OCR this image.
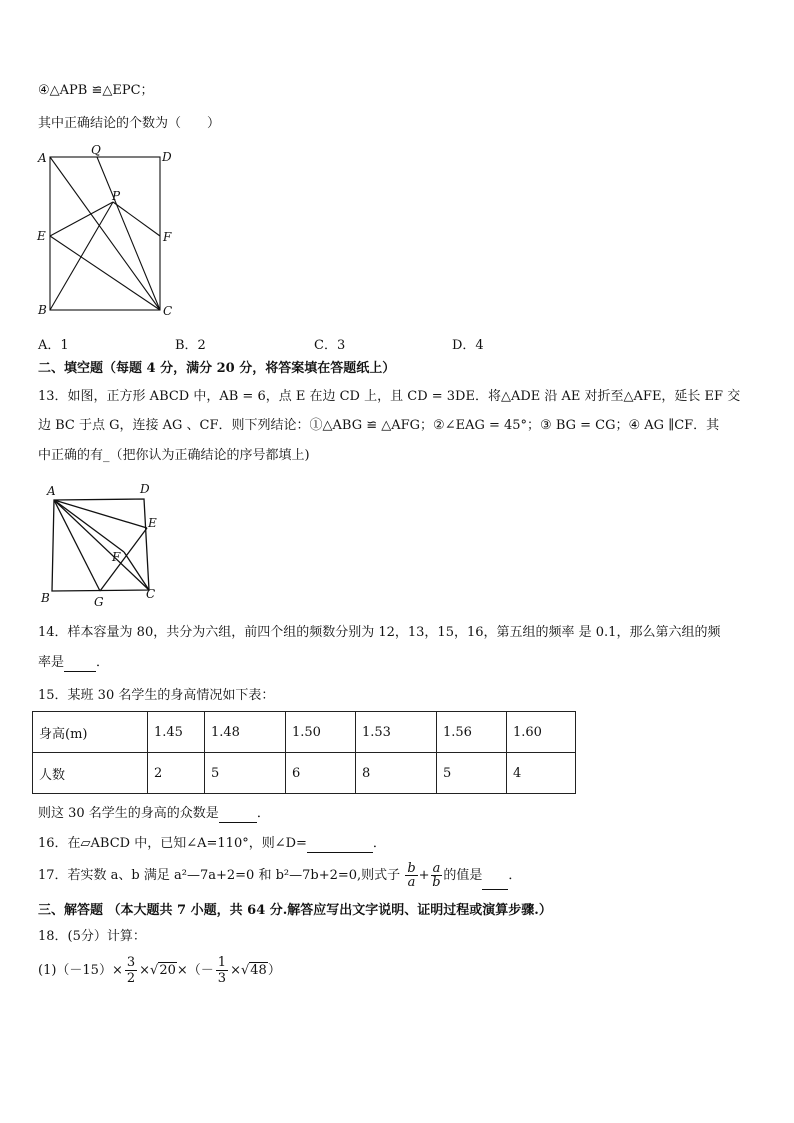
④△APB ≌△EPC；
其中正确结论的个数为（　　）
A
Q	D
P
E	F
B	C
A．1	B．2	C．3	D．4
二、填空题（每题 4 分，满分 20 分，将答案填在答题纸上）
13．如图，正方形 ABCD 中，AB = 6，点 E 在边 CD 上，且 CD = 3DE．将△ADE 沿 AE 对折至△AFE，延长 EF 交
边 BC 于点 G，连接 AG 、CF．则下列结论：①△ABG ≌ △AFG；②∠EAG = 45°；③ BG = CG；④ AG ∥CF．其
中正确的有_（把你认为正确结论的序号都填上)
A	D
E
F
B	G
C
14．样本容量为 80，共分为六组，前四个组的频数分别为 12，13，15，16，第五组的频率 是 0.1，那么第六组的频
率是 ．
15．某班 30 名学生的身高情况如下表：
身高(m)	1.45	1.48	1.50	1.53	1.56	1.60
人数	2	5	6	8	5	4
则这 30 名学生的身高的众数是	．
16．在▱ABCD 中，已知∠A=110°，则∠D=	．
17．若实数 a、b 满足 a²—7a+2=0 和 b²—7b+2=0,则式子 $\frac{b}{a} + \frac{a}{b}$ 的值是 ．
三、解答题 （本大题共 7 小题，共 64 分.解答应写出文字说明、证明过程或演算步骤.）
18．(5分）计算：
$(1)(-15)\times \frac{3}{2} \times√20\times(- \frac{1}{3} \times√48)$
